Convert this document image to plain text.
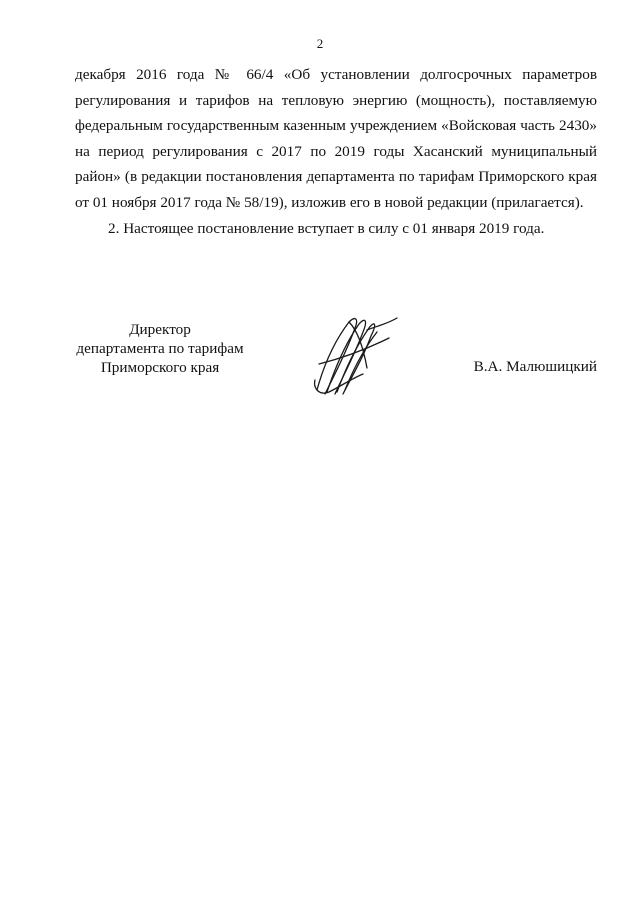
2

декабря 2016 года № 66/4 «Об установлении долгосрочных параметров регулирования и тарифов на тепловую энергию (мощность), поставляемую федеральным государственным казенным учреждением «Войсковая часть 2430» на период регулирования с 2017 по 2019 годы Хасанский муниципальный район» (в редакции постановления департамента по тарифам Приморского края от 01 ноября 2017 года № 58/19), изложив его в новой редакции (прилагается).

2. Настоящее постановление вступает в силу с 01 января 2019 года.

Директор
департамента по тарифам
Приморского края	В.А. Малюшицкий
